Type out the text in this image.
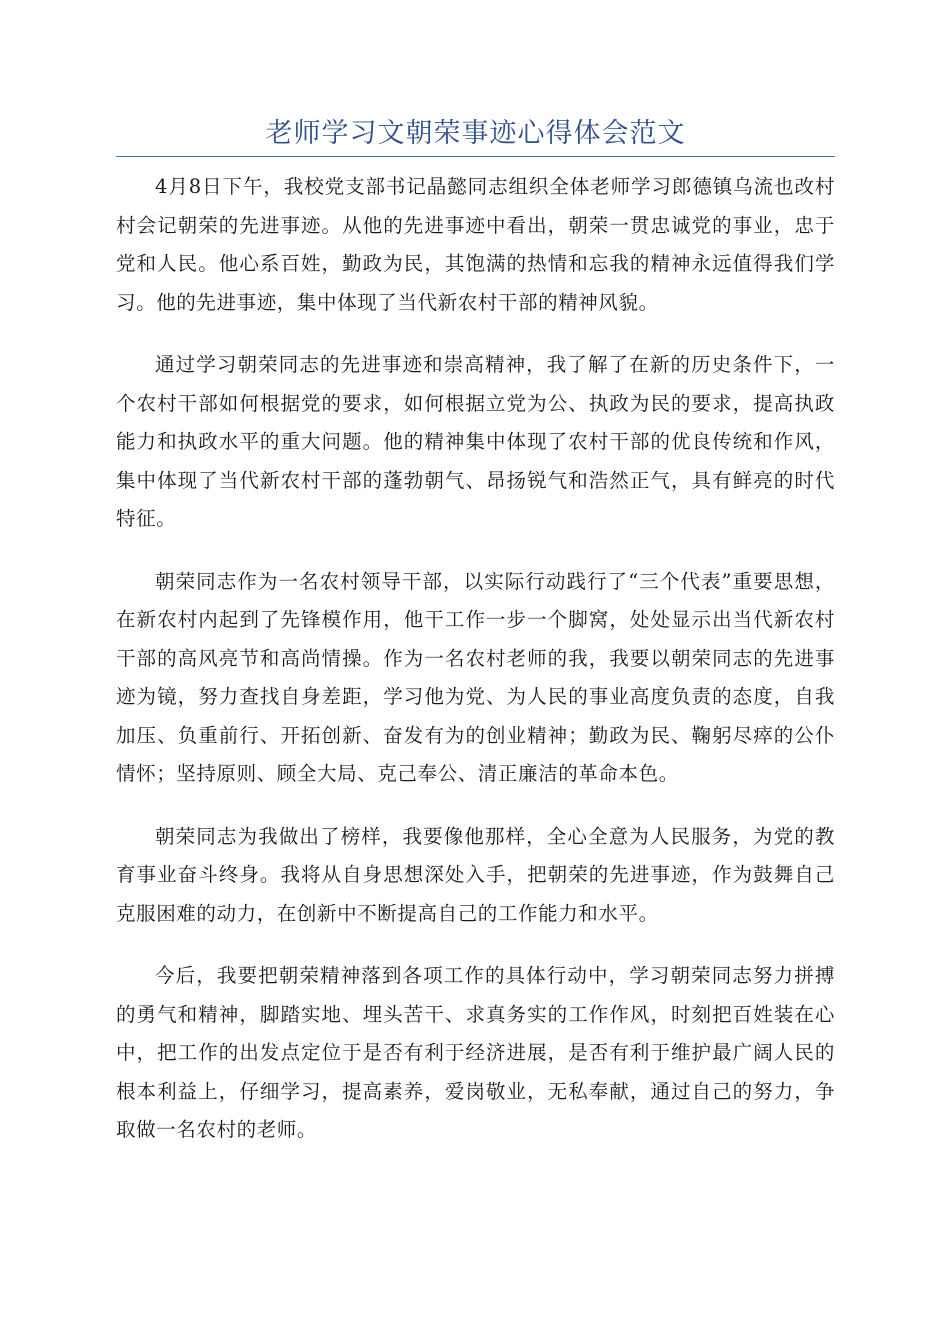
老师学习文朝荣事迹心得体会范文

4月8日下午，我校党支部书记晶懿同志组织全体老师学习郎德镇乌流也改村村会记朝荣的先进事迹。从他的先进事迹中看出，朝荣一贯忠诚党的事业，忠于党和人民。他心系百姓，勤政为民，其饱满的热情和忘我的精神永远值得我们学习。他的先进事迹，集中体现了当代新农村干部的精神风貌。

通过学习朝荣同志的先进事迹和崇高精神，我了解了在新的历史条件下，一个农村干部如何根据党的要求，如何根据立党为公、执政为民的要求，提高执政能力和执政水平的重大问题。他的精神集中体现了农村干部的优良传统和作风，集中体现了当代新农村干部的蓬勃朝气、昂扬锐气和浩然正气，具有鲜亮的时代特征。

朝荣同志作为一名农村领导干部，以实际行动践行了“三个代表”重要思想，在新农村内起到了先锋模作用，他干工作一步一个脚窝，处处显示出当代新农村干部的高风亮节和高尚情操。作为一名农村老师的我，我要以朝荣同志的先进事迹为镜，努力查找自身差距，学习他为党、为人民的事业高度负责的态度，自我加压、负重前行、开拓创新、奋发有为的创业精神；勤政为民、鞠躬尽瘁的公仆情怀；坚持原则、顾全大局、克己奉公、清正廉洁的革命本色。

朝荣同志为我做出了榜样，我要像他那样，全心全意为人民服务，为党的教育事业奋斗终身。我将从自身思想深处入手，把朝荣的先进事迹，作为鼓舞自己克服困难的动力，在创新中不断提高自己的工作能力和水平。

今后，我要把朝荣精神落到各项工作的具体行动中，学习朝荣同志努力拼搏的勇气和精神，脚踏实地、埋头苦干、求真务实的工作作风，时刻把百姓装在心中，把工作的出发点定位于是否有利于经济进展，是否有利于维护最广阔人民的根本利益上，仔细学习，提高素养，爱岗敬业，无私奉献，通过自己的努力，争取做一名农村的老师。
